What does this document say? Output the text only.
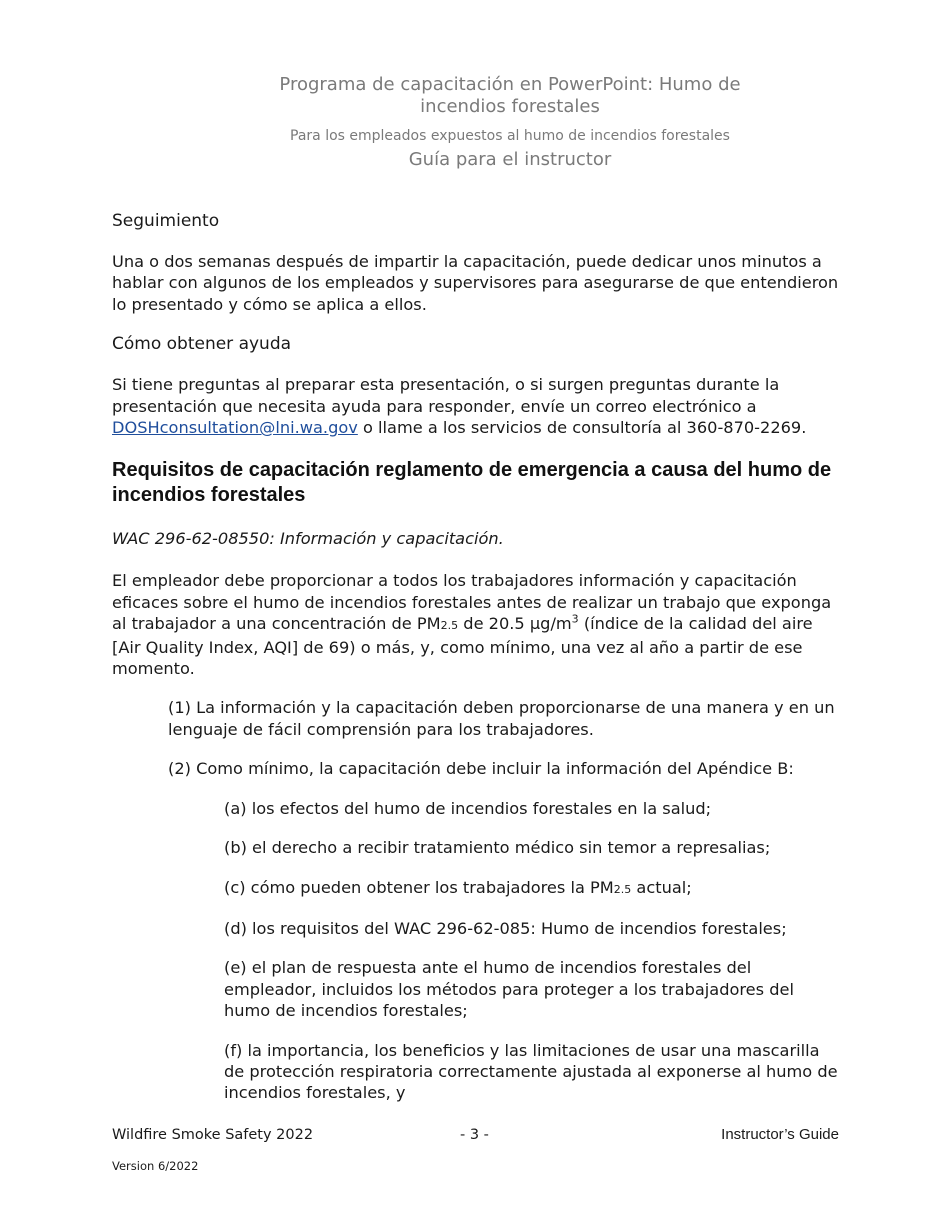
Programa de capacitación en PowerPoint: Humo de incendios forestales

Para los empleados expuestos al humo de incendios forestales

Guía para el instructor

Seguimiento

Una o dos semanas después de impartir la capacitación, puede dedicar unos minutos a hablar con algunos de los empleados y supervisores para asegurarse de que entendieron lo presentado y cómo se aplica a ellos.

Cómo obtener ayuda

Si tiene preguntas al preparar esta presentación, o si surgen preguntas durante la presentación que necesita ayuda para responder, envíe un correo electrónico a DOSHconsultation@lni.wa.gov o llame a los servicios de consultoría al 360-870-2269.

Requisitos de capacitación reglamento de emergencia a causa del humo de incendios forestales

WAC 296-62-08550: Información y capacitación.

El empleador debe proporcionar a todos los trabajadores información y capacitación eficaces sobre el humo de incendios forestales antes de realizar un trabajo que exponga al trabajador a una concentración de PM2.5 de 20.5 $\mu g/m^3$ (índice de la calidad del aire [Air Quality Index, AQI] de 69) o más, y, como mínimo, una vez al año a partir de ese momento.

(1) La información y la capacitación deben proporcionarse de una manera y en un lenguaje de fácil comprensión para los trabajadores.

(2) Como mínimo, la capacitación debe incluir la información del Apéndice B:

(a) los efectos del humo de incendios forestales en la salud;

(b) el derecho a recibir tratamiento médico sin temor a represalias;

(c) cómo pueden obtener los trabajadores la PM2.5 actual;

(d) los requisitos del WAC 296-62-085: Humo de incendios forestales;

(e) el plan de respuesta ante el humo de incendios forestales del empleador, incluidos los métodos para proteger a los trabajadores del humo de incendios forestales;

(f) la importancia, los beneficios y las limitaciones de usar una mascarilla de protección respiratoria correctamente ajustada al exponerse al humo de incendios forestales, y

Wildfire Smoke Safety 2022	- 3 -	Instructor’s Guide
Version 6/2022
